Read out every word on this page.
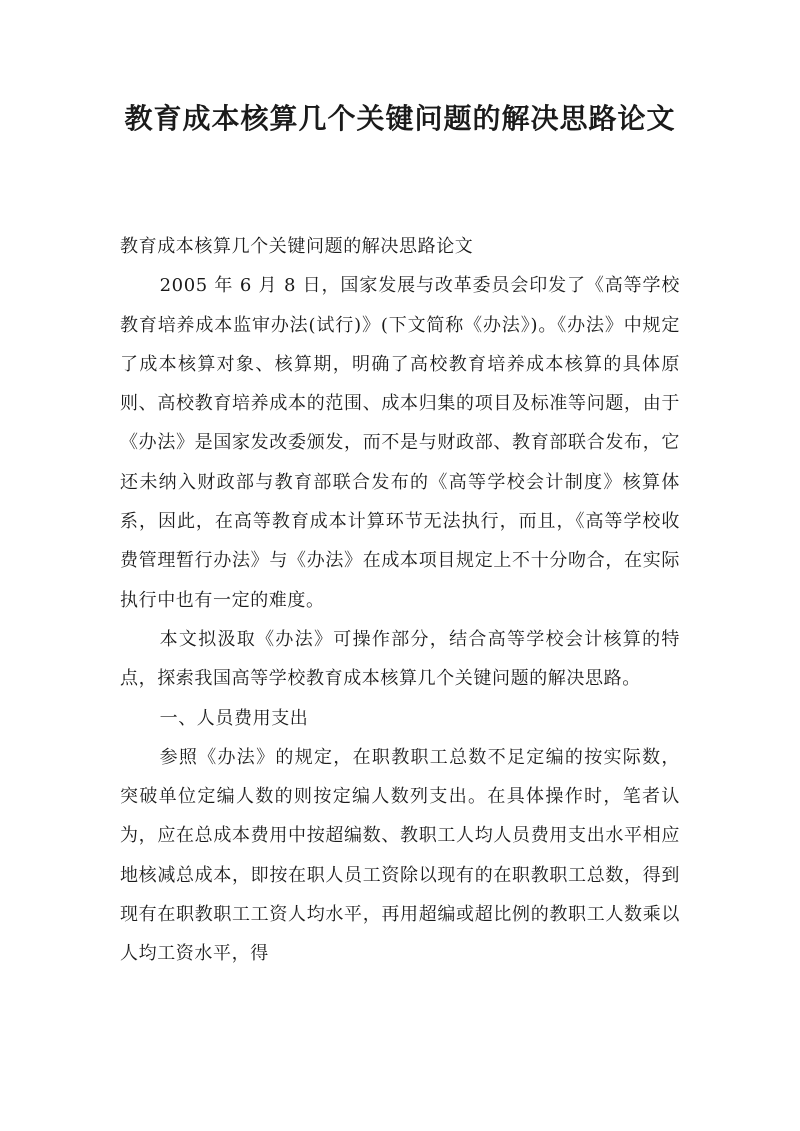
教育成本核算几个关键问题的解决思路论文

教育成本核算几个关键问题的解决思路论文

2005 年 6 月 8 日，国家发展与改革委员会印发了《高等学校教育培养成本监审办法(试行)》(下文简称《办法》)。《办法》中规定了成本核算对象、核算期，明确了高校教育培养成本核算的具体原则、高校教育培养成本的范围、成本归集的项目及标准等问题，由于《办法》是国家发改委颁发，而不是与财政部、教育部联合发布，它还未纳入财政部与教育部联合发布的《高等学校会计制度》核算体系，因此，在高等教育成本计算环节无法执行，而且，《高等学校收费管理暂行办法》与《办法》在成本项目规定上不十分吻合，在实际执行中也有一定的难度。

本文拟汲取《办法》可操作部分，结合高等学校会计核算的特点，探索我国高等学校教育成本核算几个关键问题的解决思路。

一、人员费用支出

参照《办法》的规定，在职教职工总数不足定编的按实际数，突破单位定编人数的则按定编人数列支出。在具体操作时，笔者认为，应在总成本费用中按超编数、教职工人均人员费用支出水平相应地核减总成本，即按在职人员工资除以现有的在职教职工总数，得到现有在职教职工工资人均水平，再用超编或超比例的教职工人数乘以人均工资水平，得
